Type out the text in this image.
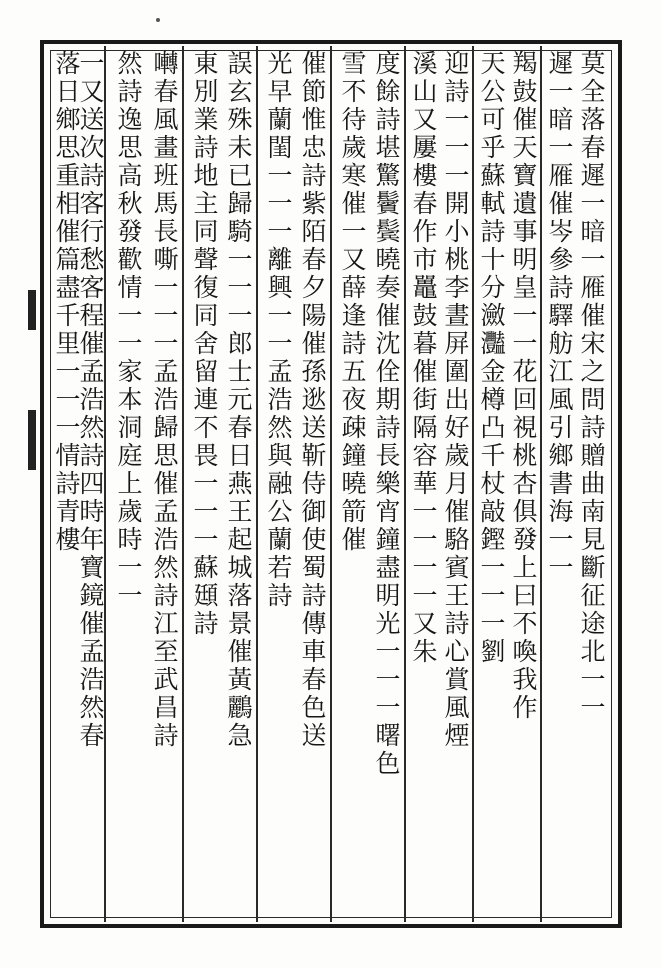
莫全落春遲一暗一雁催宋之問詩贈曲南見斷征途北一一
遲一暗一雁催岑參詩驛舫江風引鄉書海一一
羯鼓催天寶遺事明皇一一花回視桃杏俱發上曰不喚我作
天公可乎蘇軾詩十分瀲灩金樽凸千杖敲鏗一一一劉
迎詩一一一開小桃李晝屏圍出好歲月催駱賓王詩心賞風煙
溪山又屢樓春作市鼉鼓暮催街隔容華一一一一又朱
度餘詩堪驚鬢鬓曉奏催沈佺期詩長樂宵鐘盡明光一一一曙色
雪不待歲寒催一又薛逢詩五夜疎鐘曉箭催
催節惟忠詩紫陌春夕陽催孫逖送靳侍御使蜀詩傳車春色送
光早蘭閨一一一離興一一孟浩然與融公蘭若詩
誤玄殊未已歸騎一一一郎士元春日燕王起城落景催黃鸝急
東別業詩地主同聲復同舍留連不畏一一一蘇頲詩
囀春風畫班馬長嘶一一一孟浩歸思催孟浩然詩江至武昌詩
然詩逸思高秋發歡情一一家本洞庭上歲時一一
一又送次詩客行愁客程催孟浩然詩四時年寶鏡催孟浩然春
落日鄉思重相催篇盡千里一一一情詩青樓
